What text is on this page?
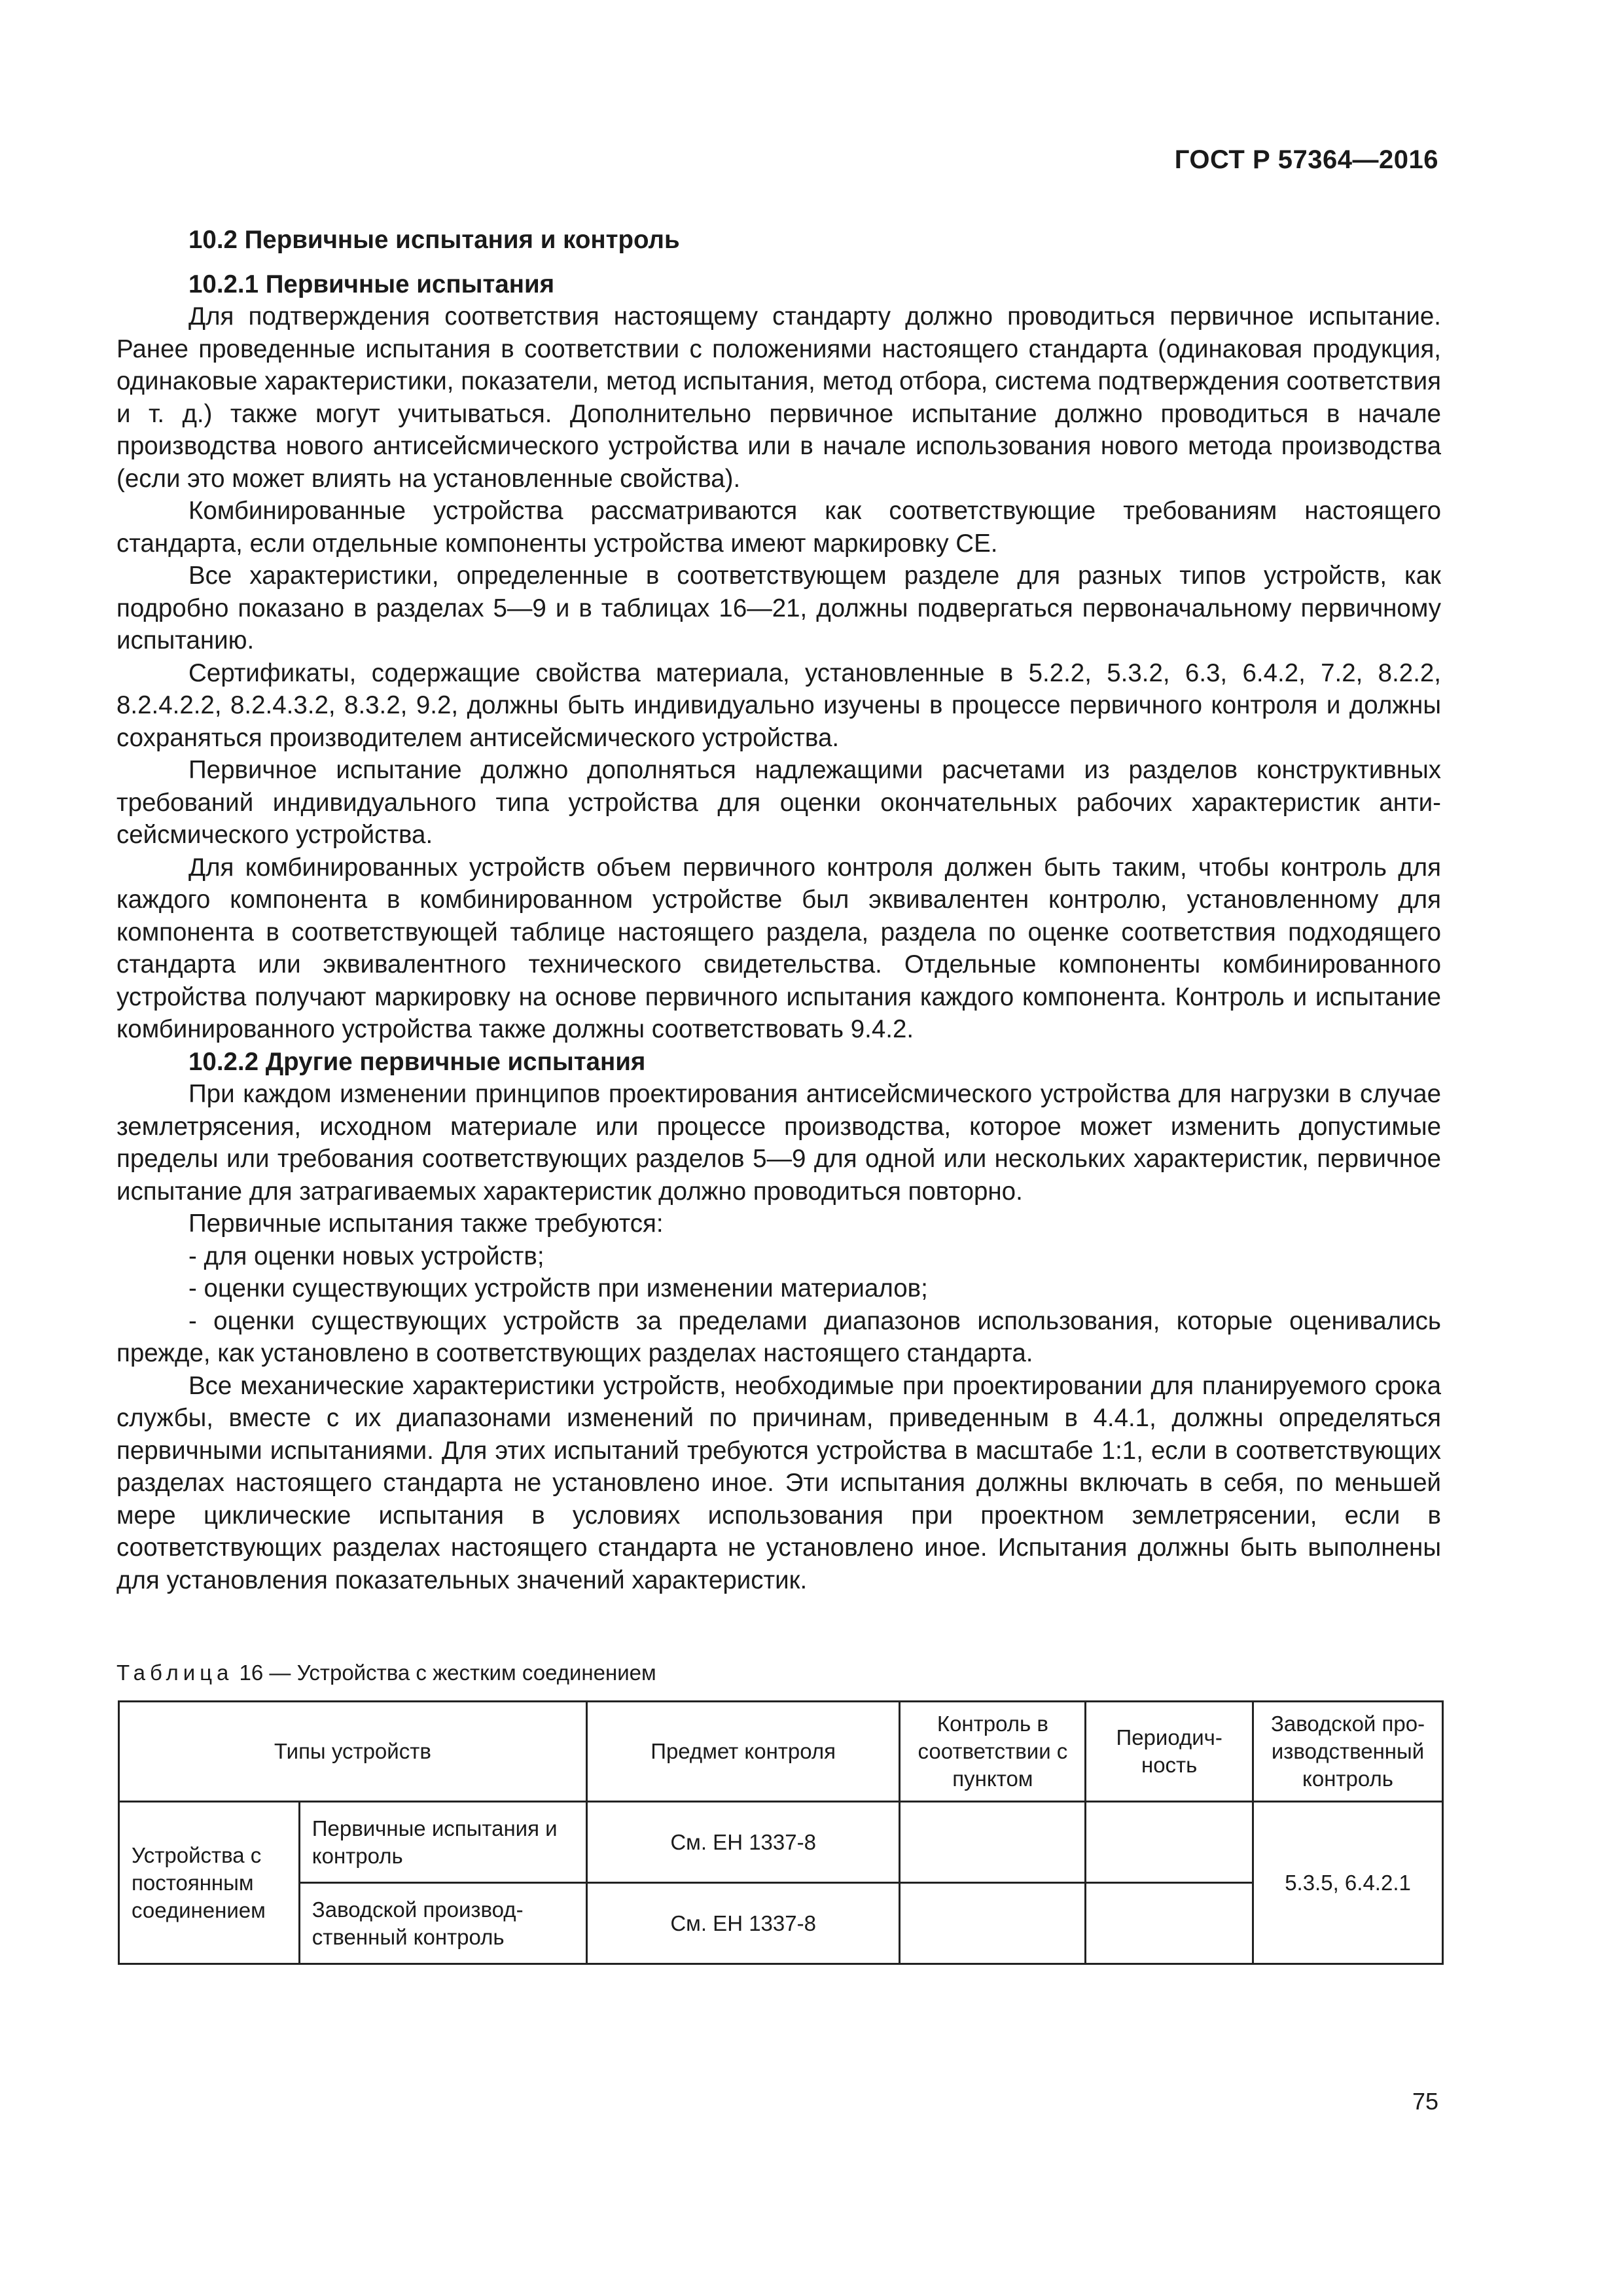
ГОСТ Р 57364—2016
10.2 Первичные испытания и контроль
10.2.1 Первичные испытания

Для подтверждения соответствия настоящему стандарту должно проводиться первичное испытание. Ранее проведенные испытания в соответствии с положениями настоящего стандарта (одинаковая продукция, одинаковые характеристики, показатели, метод испытания, метод отбора, система подтверждения соответствия и т. д.) также могут учитываться. Дополнительно первичное испытание должно проводиться в начале производства нового антисейсмического устройства или в начале использования нового метода производства (если это может влиять на установленные свойства).

Комбинированные устройства рассматриваются как соответствующие требованиям настоящего стандарта, если отдельные компоненты устройства имеют маркировку CE.

Все характеристики, определенные в соответствующем разделе для разных типов устройств, как подробно показано в разделах 5—9 и в таблицах 16—21, должны подвергаться первоначальному первичному испытанию.

Сертификаты, содержащие свойства материала, установленные в 5.2.2, 5.3.2, 6.3, 6.4.2, 7.2, 8.2.2, 8.2.4.2.2, 8.2.4.3.2, 8.3.2, 9.2, должны быть индивидуально изучены в процессе первичного контроля и должны сохраняться производителем антисейсмического устройства.

Первичное испытание должно дополняться надлежащими расчетами из разделов конструктивных требований индивидуального типа устройства для оценки окончательных рабочих характеристик антисейсмического устройства.

Для комбинированных устройств объем первичного контроля должен быть таким, чтобы контроль для каждого компонента в комбинированном устройстве был эквивалентен контролю, установленному для компонента в соответствующей таблице настоящего раздела, раздела по оценке соответствия подходящего стандарта или эквивалентного технического свидетельства. Отдельные компоненты комбинированного устройства получают маркировку на основе первичного испытания каждого компонента. Контроль и испытание комбинированного устройства также должны соответствовать 9.4.2.

10.2.2 Другие первичные испытания

При каждом изменении принципов проектирования антисейсмического устройства для нагрузки в случае землетрясения, исходном материале или процессе производства, которое может изменить допустимые пределы или требования соответствующих разделов 5—9 для одной или нескольких характеристик, первичное испытание для затрагиваемых характеристик должно проводиться повторно.

Первичные испытания также требуются:

- для оценки новых устройств;

- оценки существующих устройств при изменении материалов;

- оценки существующих устройств за пределами диапазонов использования, которые оценивались прежде, как установлено в соответствующих разделах настоящего стандарта.

Все механические характеристики устройств, необходимые при проектировании для планируемого срока службы, вместе с их диапазонами изменений по причинам, приведенным в 4.4.1, должны определяться первичными испытаниями. Для этих испытаний требуются устройства в масштабе 1:1, если в соответствующих разделах настоящего стандарта не установлено иное. Эти испытания должны включать в себя, по меньшей мере циклические испытания в условиях использования при проектном землетрясении, если в соответствующих разделах настоящего стандарта не установлено иное. Испытания должны быть выполнены для установления показательных значений характеристик.

Таблица 16 — Устройства с жестким соединением
Типы устройств		Предмет контроля	Контроль в соответствии с пунктом	Периодичность	Заводской производственный контроль
Устройства с постоянным соединением	Первичные испытания и контроль	См. EH 1337-8			5.3.5, 6.4.2.1
	Заводской производственный контроль	См. EH 1337-8			
75
